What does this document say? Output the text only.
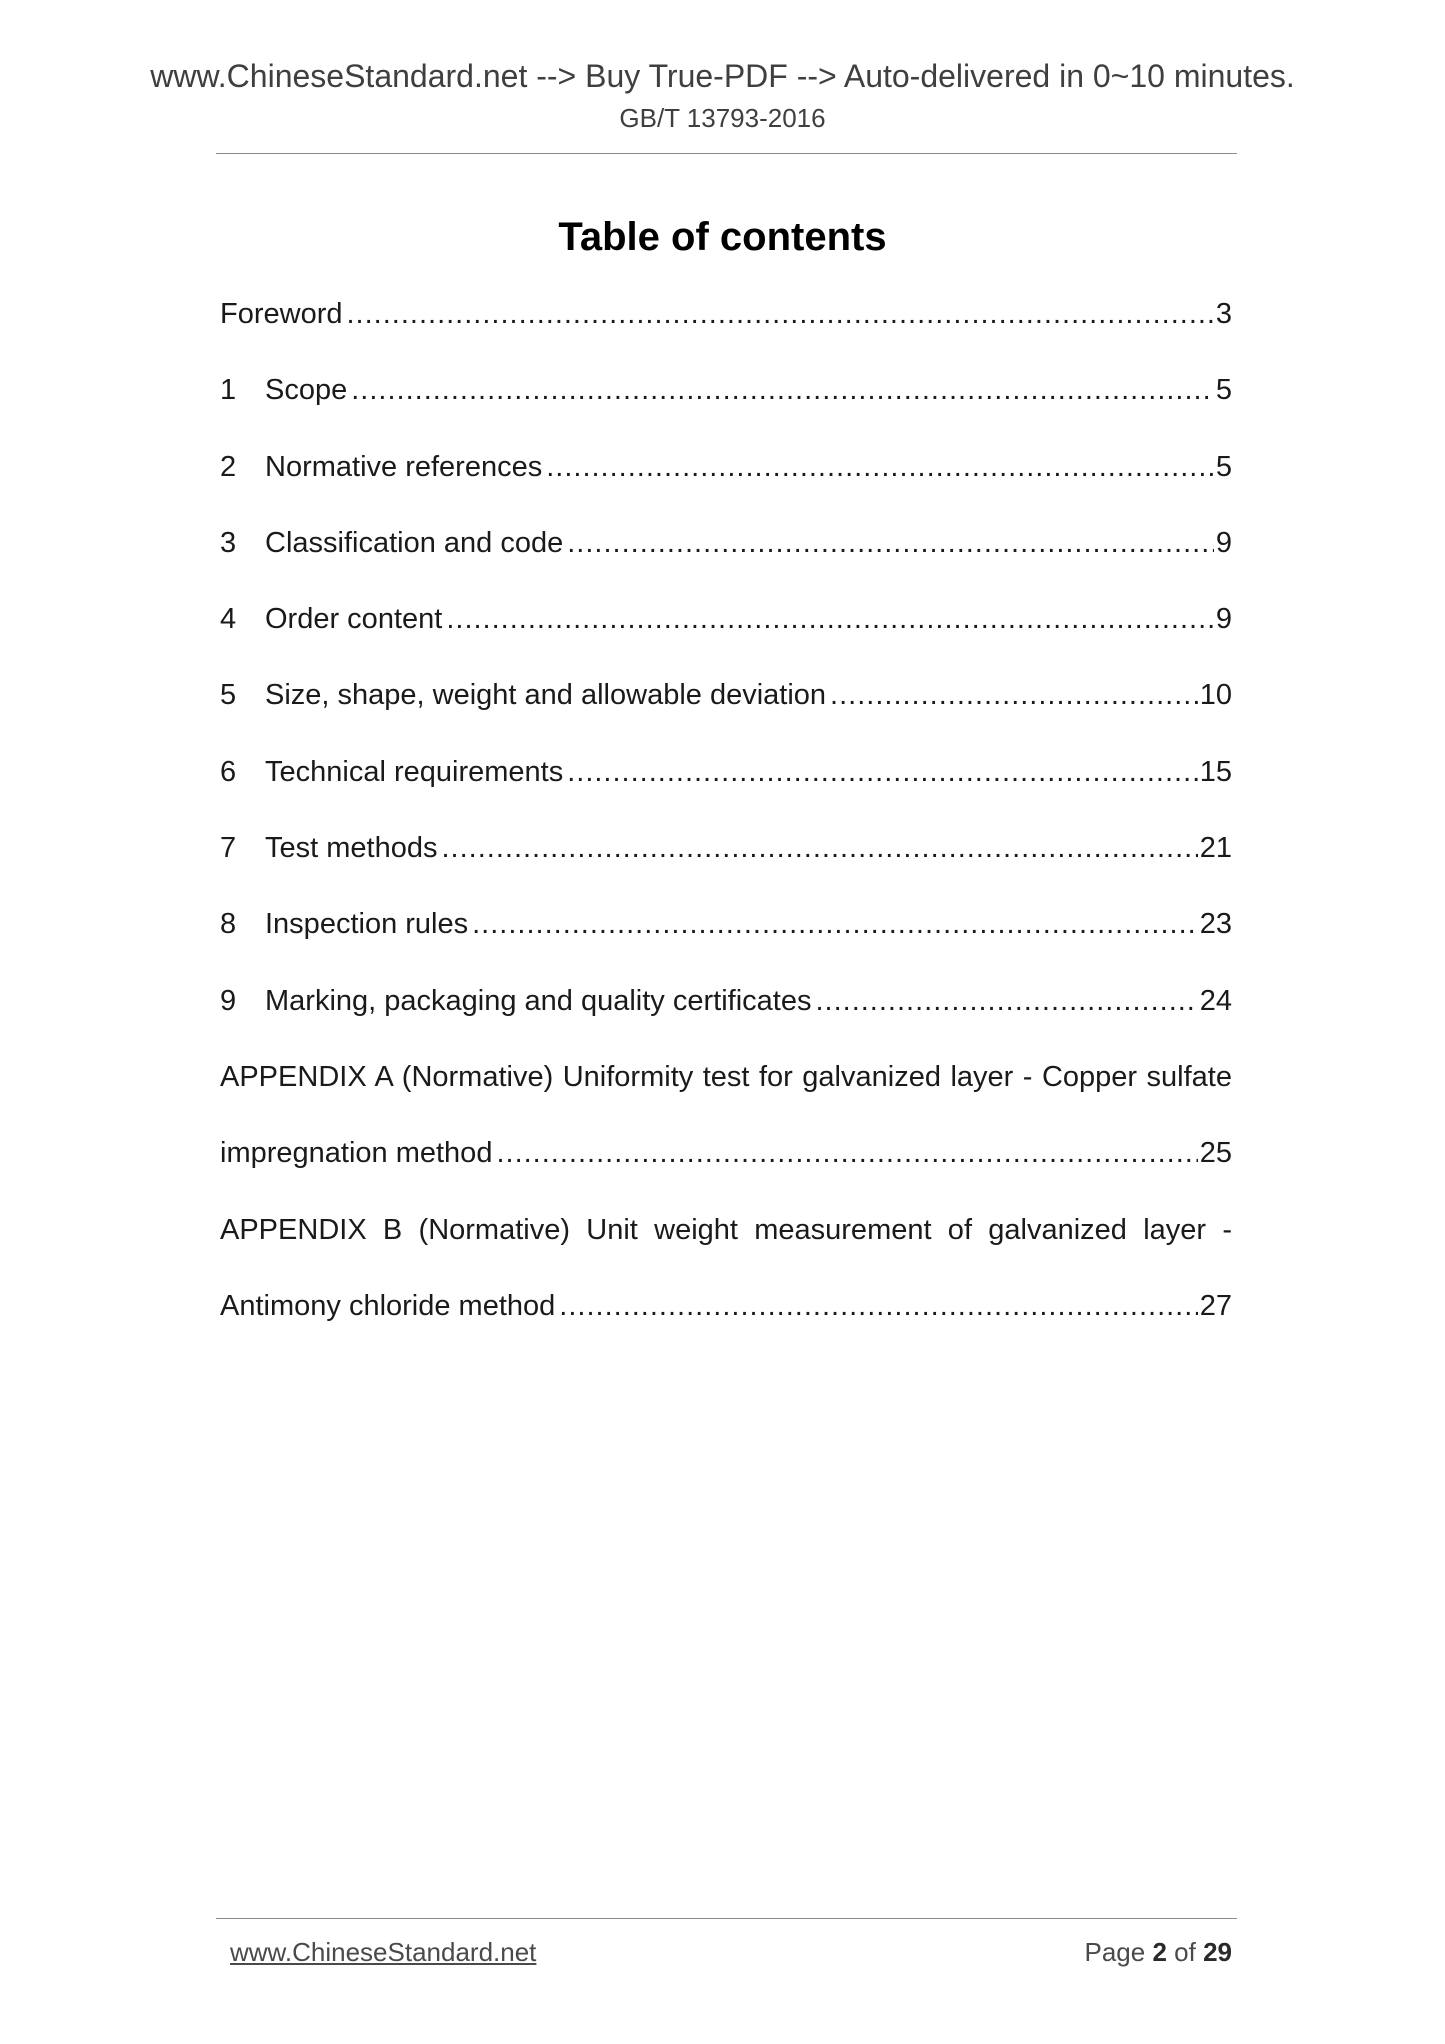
www.ChineseStandard.net --> Buy True-PDF --> Auto-delivered in 0~10 minutes.
GB/T 13793-2016
Table of contents
Foreword .....	3
1 Scope .....	5
2 Normative references .....	5
3 Classification and code .....	9
4 Order content .....	9
5 Size, shape, weight and allowable deviation .....	10
6 Technical requirements .....	15
7 Test methods .....	21
8 Inspection rules .....	23
9 Marking, packaging and quality certificates .....	24
APPENDIX A (Normative) Uniformity test for galvanized layer - Copper sulfate
impregnation method .....	25
APPENDIX B (Normative) Unit weight measurement of galvanized layer -
Antimony chloride method .....	27
www.ChineseStandard.net	Page 2 of 29
